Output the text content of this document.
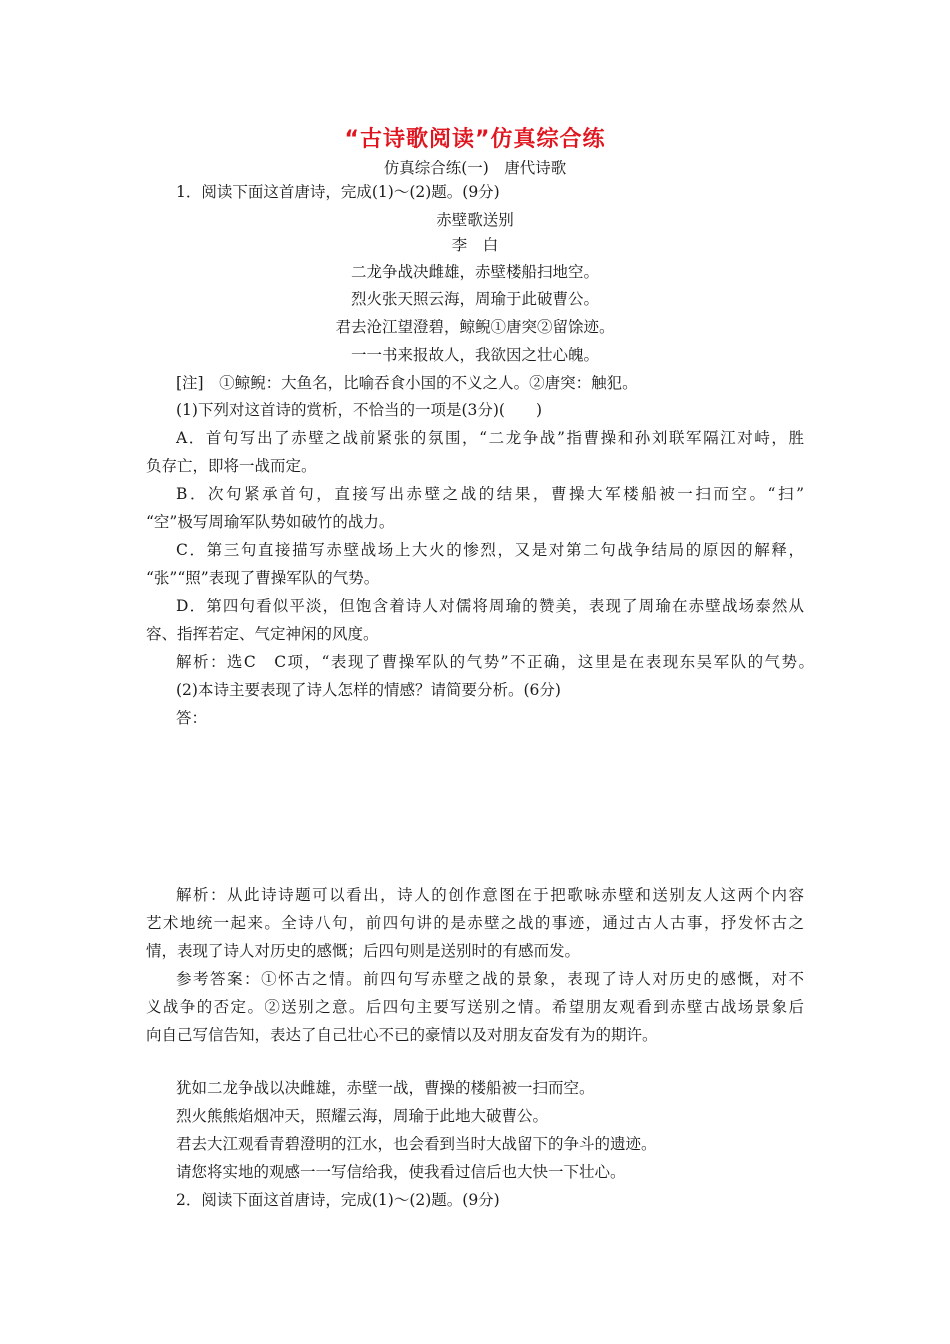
“古诗歌阅读”仿真综合练
仿真综合练(一)　唐代诗歌
1．阅读下面这首唐诗，完成(1)～(2)题。(9分)
赤壁歌送别
李　白
二龙争战决雌雄，赤壁楼船扫地空。
烈火张天照云海，周瑜于此破曹公。
君去沧江望澄碧，鲸鲵①唐突②留馀迹。
一一书来报故人，我欲因之壮心魄。
[注]　①鲸鲵：大鱼名，比喻吞食小国的不义之人。②唐突：触犯。
(1)下列对这首诗的赏析，不恰当的一项是(3分)(　　)
A．首句写出了赤壁之战前紧张的氛围，“二龙争战”指曹操和孙刘联军隔江对峙，胜
负存亡，即将一战而定。
B．次句紧承首句，直接写出赤壁之战的结果，曹操大军楼船被一扫而空。“扫”
“空”极写周瑜军队势如破竹的战力。
C．第三句直接描写赤壁战场上大火的惨烈，又是对第二句战争结局的原因的解释，
“张”“照”表现了曹操军队的气势。
D．第四句看似平淡，但饱含着诗人对儒将周瑜的赞美，表现了周瑜在赤壁战场泰然从
容、指挥若定、气定神闲的风度。
解析：选C　C项，“表现了曹操军队的气势”不正确，这里是在表现东吴军队的气势。
(2)本诗主要表现了诗人怎样的情感？请简要分析。(6分)
答：
解析：从此诗诗题可以看出，诗人的创作意图在于把歌咏赤壁和送别友人这两个内容
艺术地统一起来。全诗八句，前四句讲的是赤壁之战的事迹，通过古人古事，抒发怀古之
情，表现了诗人对历史的感慨；后四句则是送别时的有感而发。
参考答案：①怀古之情。前四句写赤壁之战的景象，表现了诗人对历史的感慨，对不
义战争的否定。②送别之意。后四句主要写送别之情。希望朋友观看到赤壁古战场景象后
向自己写信告知，表达了自己壮心不已的豪情以及对朋友奋发有为的期许。
犹如二龙争战以决雌雄，赤壁一战，曹操的楼船被一扫而空。
烈火熊熊焰烟冲天，照耀云海，周瑜于此地大破曹公。
君去大江观看青碧澄明的江水，也会看到当时大战留下的争斗的遗迹。
请您将实地的观感一一写信给我，使我看过信后也大快一下壮心。
2．阅读下面这首唐诗，完成(1)～(2)题。(9分)
